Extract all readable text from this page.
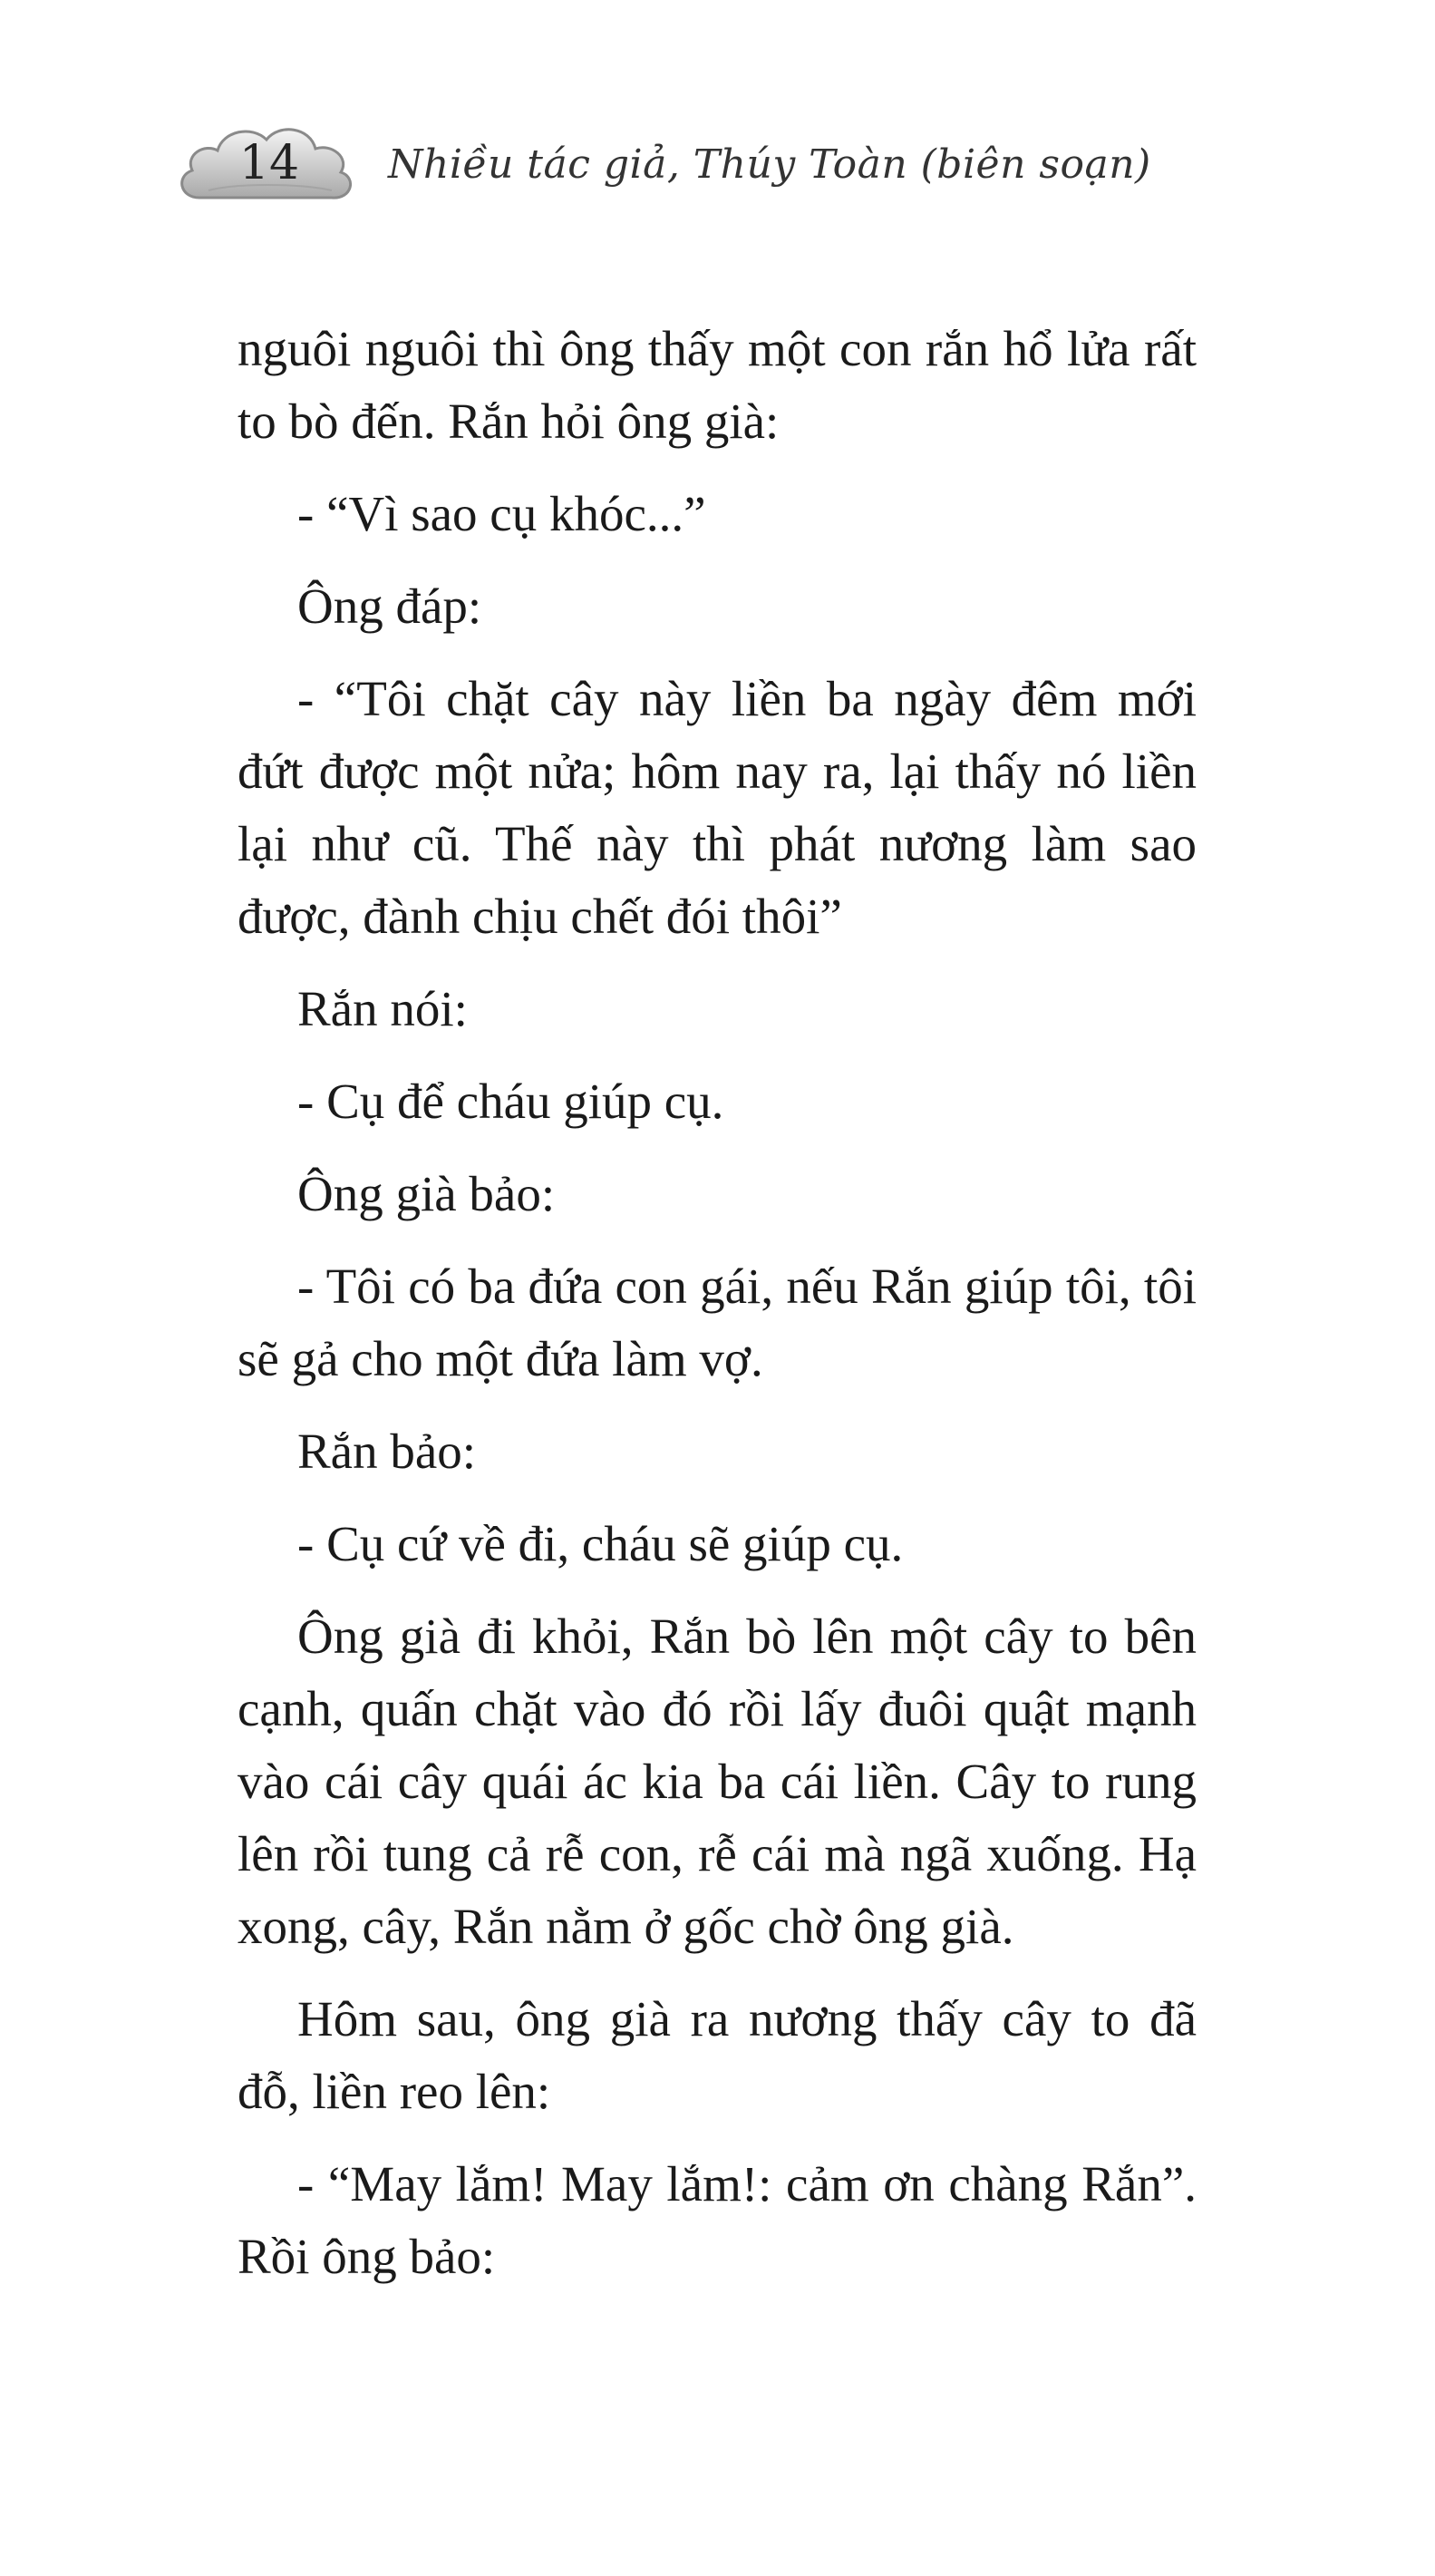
14	Nhiều tác giả, Thúy Toàn (biên soạn)

nguôi nguôi thì ông thấy một con rắn hổ lửa rất to bò đến. Rắn hỏi ông già:

- “Vì sao cụ khóc...”

Ông đáp:

- “Tôi chặt cây này liền ba ngày đêm mới đứt được một nửa; hôm nay ra, lại thấy nó liền lại như cũ. Thế này thì phát nương làm sao được, đành chịu chết đói thôi”

Rắn nói:

- Cụ để cháu giúp cụ.

Ông già bảo:

- Tôi có ba đứa con gái, nếu Rắn giúp tôi, tôi sẽ gả cho một đứa làm vợ.

Rắn bảo:

- Cụ cứ về đi, cháu sẽ giúp cụ.

Ông già đi khỏi, Rắn bò lên một cây to bên cạnh, quấn chặt vào đó rồi lấy đuôi quật mạnh vào cái cây quái ác kia ba cái liền. Cây to rung lên rồi tung cả rễ con, rễ cái mà ngã xuống. Hạ xong, cây, Rắn nằm ở gốc chờ ông già.

Hôm sau, ông già ra nương thấy cây to đã đỗ, liền reo lên:

- “May lắm! May lắm!: cảm ơn chàng Rắn”. Rồi ông bảo:
